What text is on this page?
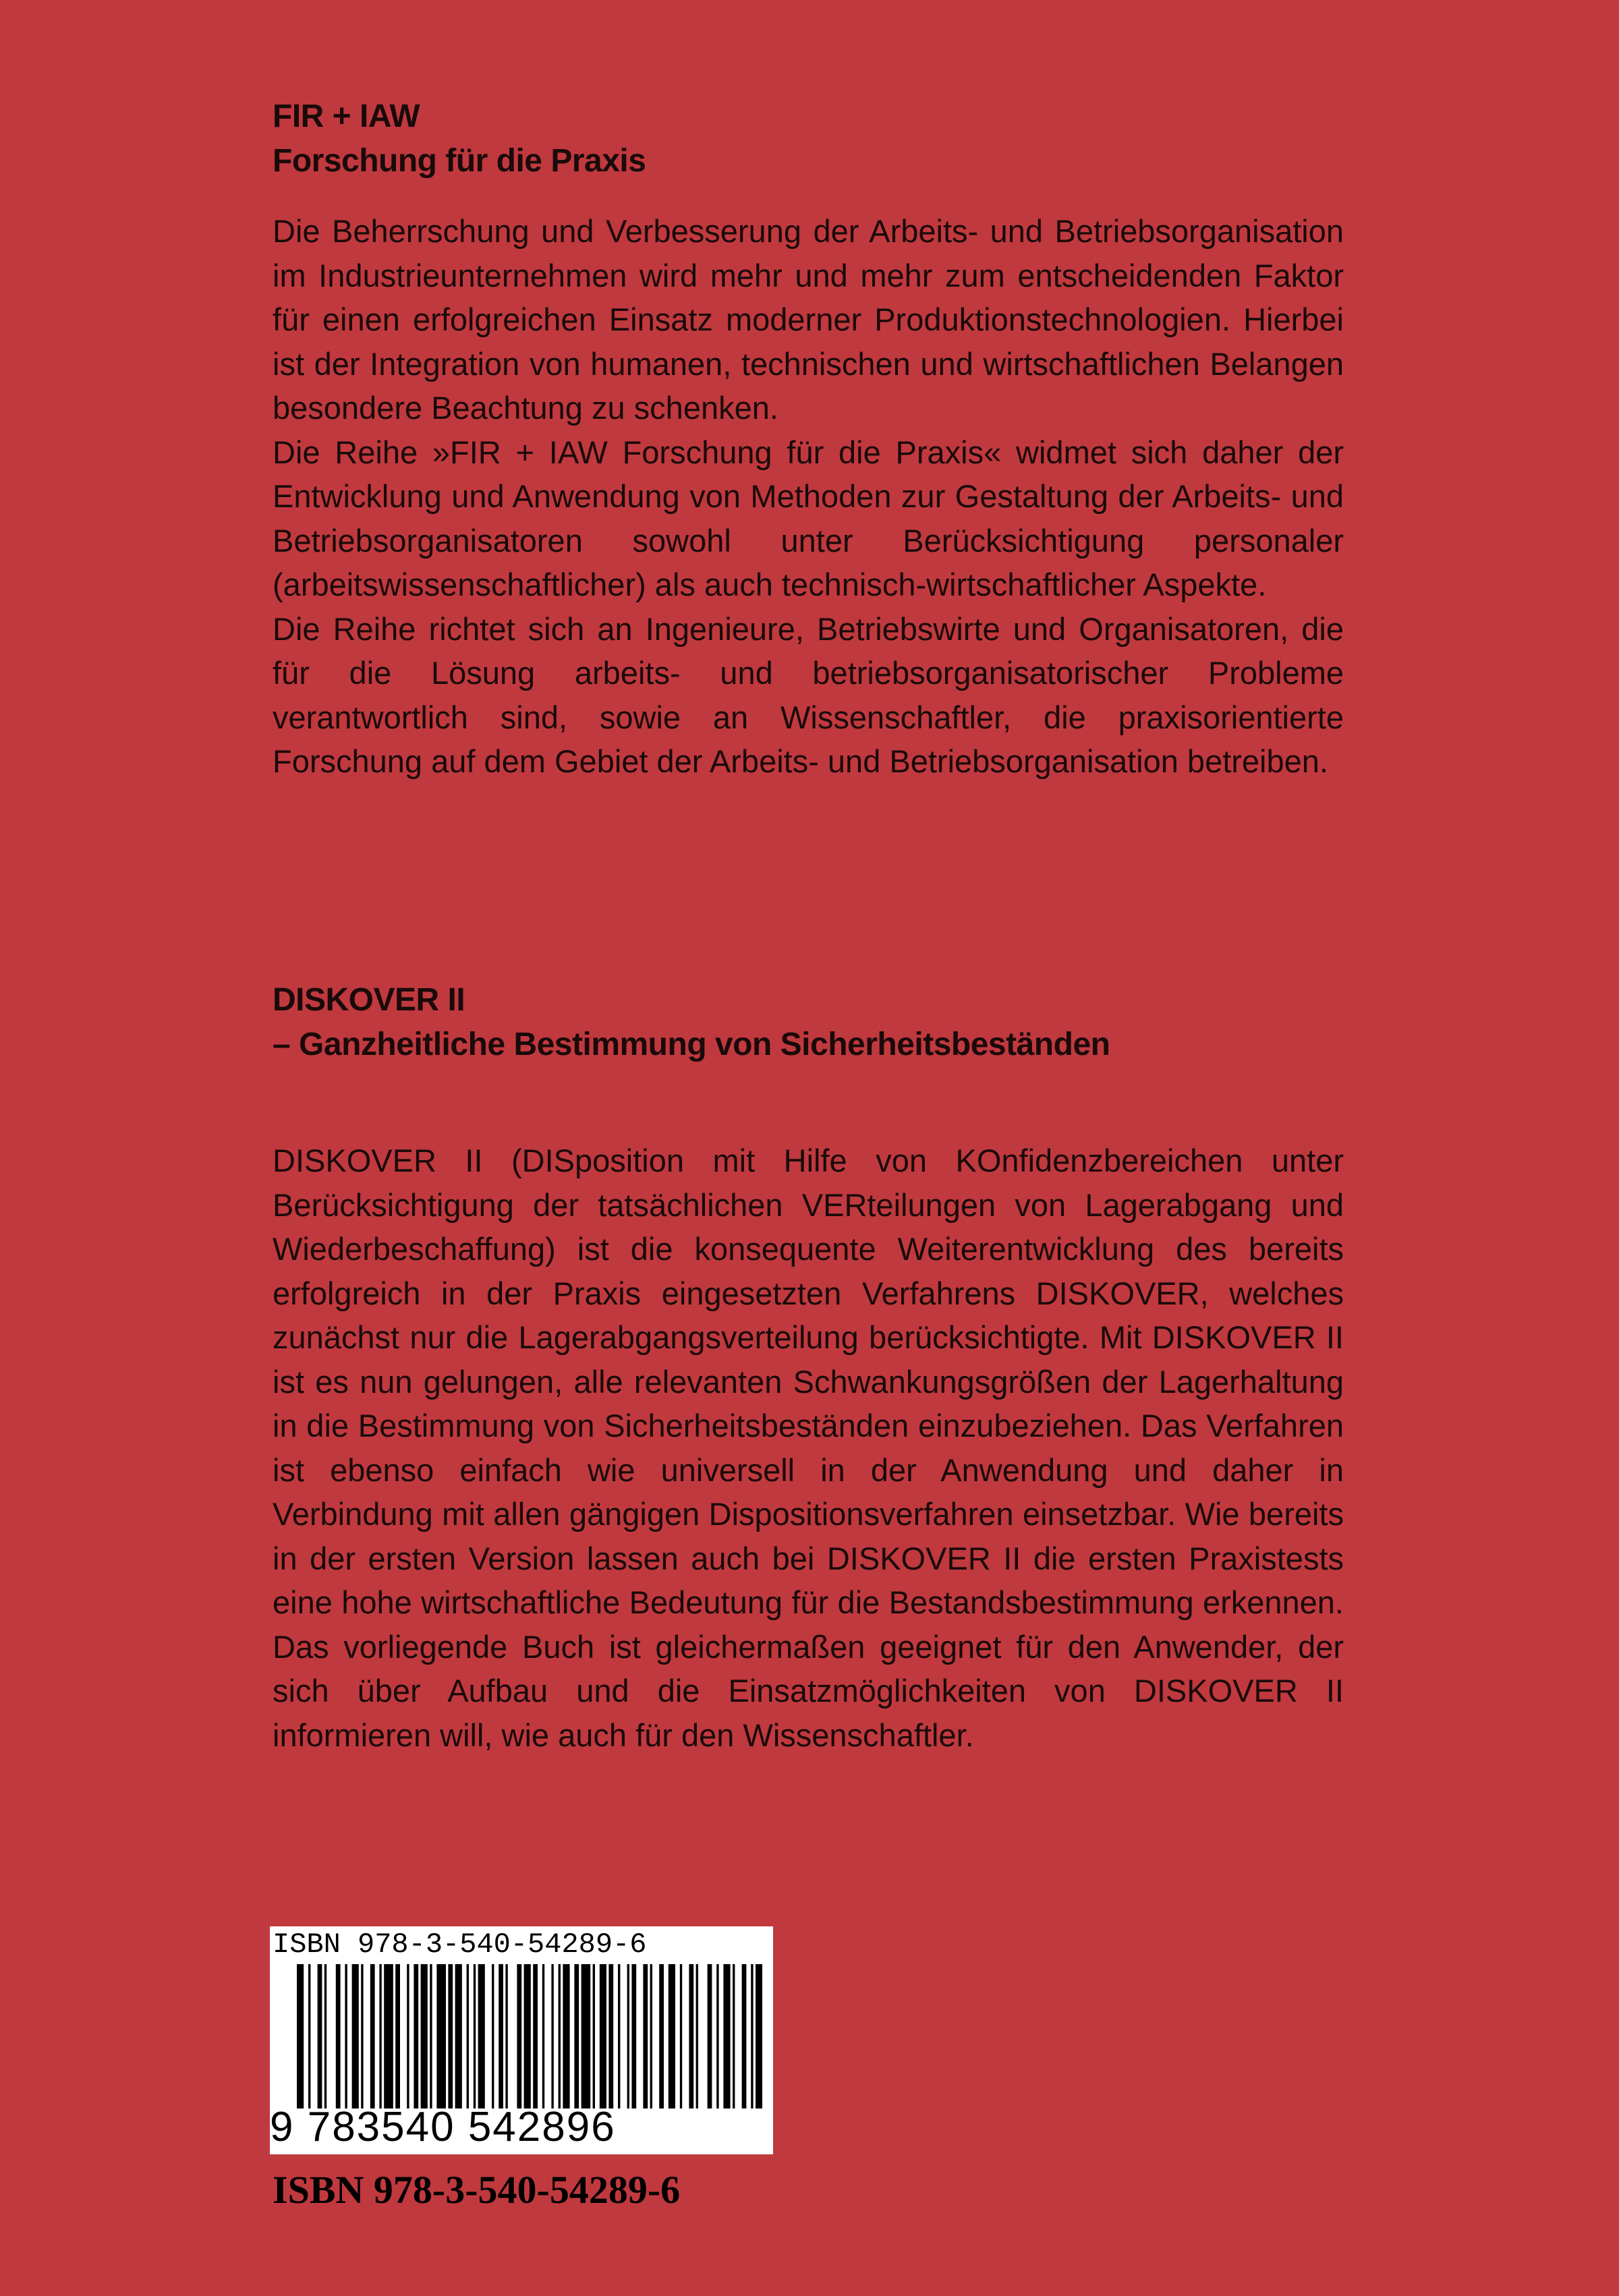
FIR + IAW

Forschung für die Praxis

Die Beherrschung und Verbesserung der Arbeits- und Betriebsorganisation im Industrieunternehmen wird mehr und mehr zum entscheidenden Faktor für einen erfolgreichen Einsatz moderner Produktionstechnologien. Hierbei ist der Integration von humanen, technischen und wirtschaftlichen Belangen besondere Beachtung zu schenken.

Die Reihe »FIR + IAW Forschung für die Praxis« widmet sich daher der Entwicklung und Anwendung von Methoden zur Gestaltung der Arbeits- und Betriebsorganisatoren sowohl unter Berücksichtigung personaler (arbeitswissenschaftlicher) als auch technisch-wirtschaftlicher Aspekte.

Die Reihe richtet sich an Ingenieure, Betriebswirte und Organisatoren, die für die Lösung arbeits- und betriebsorganisatorischer Probleme verantwortlich sind, sowie an Wissenschaftler, die praxisorientierte Forschung auf dem Gebiet der Arbeits- und Betriebsorganisation betreiben.

DISKOVER II

– Ganzheitliche Bestimmung von Sicherheitsbeständen

DISKOVER II (DISposition mit Hilfe von KOnfidenzbereichen unter Berücksichtigung der tatsächlichen VERteilungen von Lagerabgang und Wiederbeschaffung) ist die konsequente Weiterentwicklung des bereits erfolgreich in der Praxis eingesetzten Verfahrens DISKOVER, welches zunächst nur die Lagerabgangsverteilung berücksichtigte. Mit DISKOVER II ist es nun gelungen, alle relevanten Schwankungsgrößen der Lagerhaltung in die Bestimmung von Sicherheitsbeständen einzubeziehen. Das Verfahren ist ebenso einfach wie universell in der Anwendung und daher in Verbindung mit allen gängigen Dispositionsverfahren einsetzbar. Wie bereits in der ersten Version lassen auch bei DISKOVER II die ersten Praxistests eine hohe wirtschaftliche Bedeutung für die Bestandsbestimmung erkennen. Das vorliegende Buch ist gleichermaßen geeignet für den Anwender, der sich über Aufbau und die Einsatzmöglichkeiten von DISKOVER II informieren will, wie auch für den Wissenschaftler.

ISBN 978-3-540-54289-6
9 783540 542896
ISBN 978-3-540-54289-6
